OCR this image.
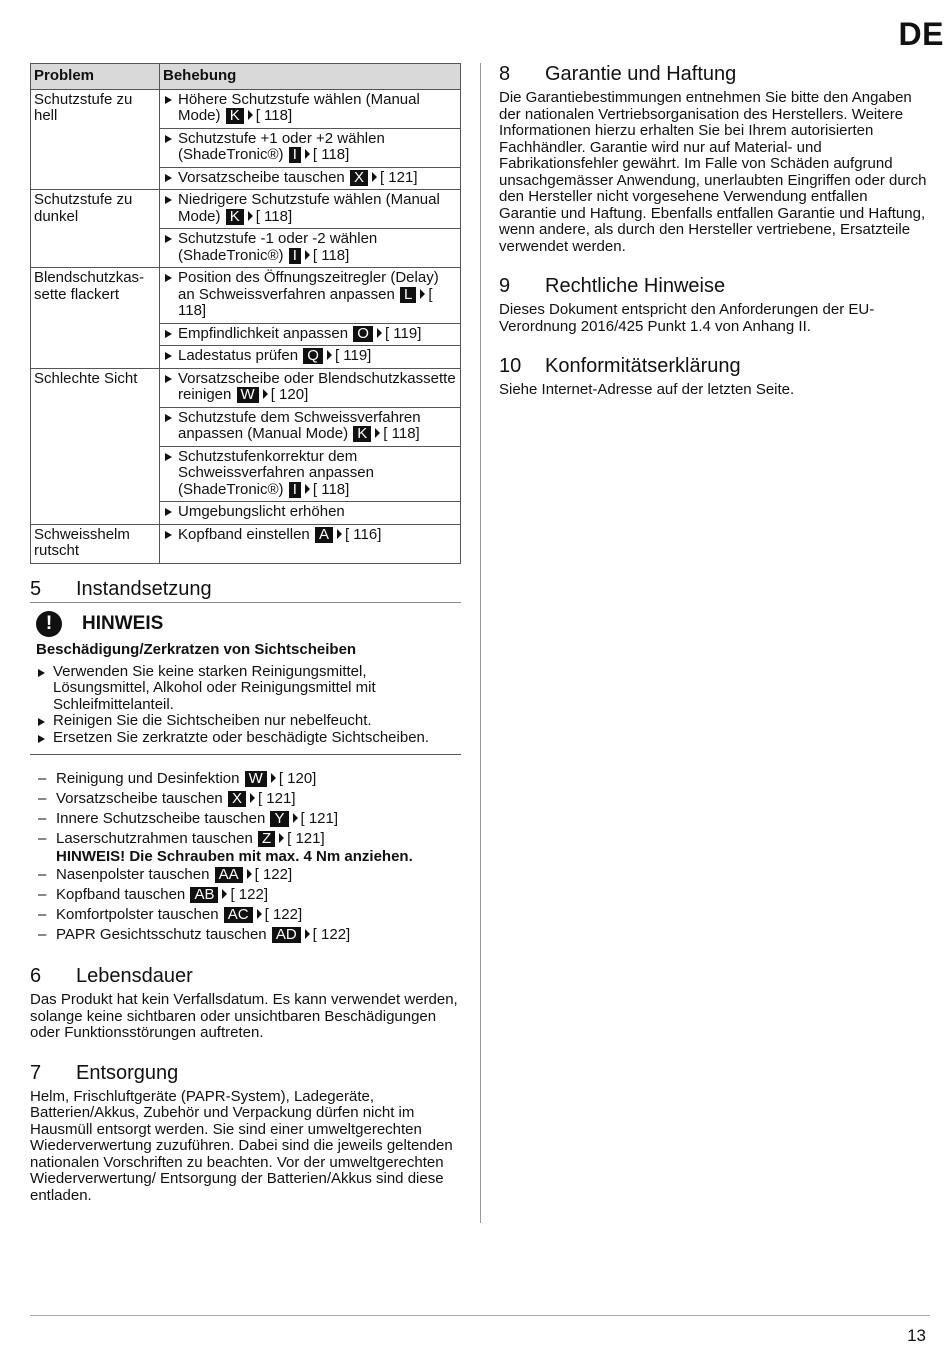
DE
Problem	Behebung
Schutzstufe zu hell	Höhere Schutzstufe wählen (Manual Mode) K [ 118]

Schutzstufe +1 oder +2 wählen (ShadeTronic®) I [ 118]

Vorsatzscheibe tauschen X [ 121]
Schutzstufe zu dunkel	Niedrigere Schutzstufe wählen (Manual Mode) K [ 118]

Schutzstufe -1 oder -2 wählen (ShadeTronic®) I [ 118]
Blendschutzkas-sette flackert	Position des Öffnungszeitregler (Delay) an Schweissverfahren anpassen L [ 118]

Empfindlichkeit anpassen O [ 119]

Ladestatus prüfen Q [ 119]
Schlechte Sicht	Vorsatzscheibe oder Blendschutzkassette reinigen W [ 120]

Schutzstufe dem Schweissverfahren anpassen (Manual Mode) K [ 118]

Schutzstufenkorrektur dem Schweissverfahren anpassen (ShadeTronic®) I [ 118]

Umgebungslicht erhöhen
Schweisshelm rutscht	Kopfband einstellen A [ 116]
5	Instandsetzung
!	HINWEIS
Beschädigung/Zerkratzen von Sichtscheiben
Verwenden Sie keine starken Reinigungsmittel, Lösungsmittel, Alkohol oder Reinigungsmittel mit Schleifmittelanteil.
Reinigen Sie die Sichtscheiben nur nebelfeucht.
Ersetzen Sie zerkratzte oder beschädigte Sichtscheiben.
– Reinigung und Desinfektion W [ 120]
– Vorsatzscheibe tauschen X [ 121]
– Innere Schutzscheibe tauschen Y [ 121]
– Laserschutzrahmen tauschen Z [ 121]
HINWEIS! Die Schrauben mit max. 4 Nm anziehen.
– Nasenpolster tauschen AA [ 122]
– Kopfband tauschen AB [ 122]
– Komfortpolster tauschen AC [ 122]
– PAPR Gesichtsschutz tauschen AD [ 122]
6	Lebensdauer

Das Produkt hat kein Verfallsdatum. Es kann verwendet werden, solange keine sichtbaren oder unsichtbaren Beschädigungen oder Funktionsstörungen auftreten.

7	Entsorgung

Helm, Frischluftgeräte (PAPR-System), Ladegeräte, Batterien/Akkus, Zubehör und Verpackung dürfen nicht im Hausmüll entsorgt werden. Sie sind einer umweltgerechten Wiederverwertung zuzuführen. Dabei sind die jeweils geltenden nationalen Vorschriften zu beachten. Vor der umweltgerechten Wiederverwertung/ Entsorgung der Batterien/Akkus sind diese entladen.

8	Garantie und Haftung

Die Garantiebestimmungen entnehmen Sie bitte den Angaben der nationalen Vertriebsorganisation des Herstellers. Weitere Informationen hierzu erhalten Sie bei Ihrem autorisierten Fachhändler. Garantie wird nur auf Material- und Fabrikationsfehler gewährt. Im Falle von Schäden aufgrund unsachgemässer Anwendung, unerlaubten Eingriffen oder durch den Hersteller nicht vorgesehene Verwendung entfallen Garantie und Haftung. Ebenfalls entfallen Garantie und Haftung, wenn andere, als durch den Hersteller vertriebene, Ersatzteile verwendet werden.

9	Rechtliche Hinweise

Dieses Dokument entspricht den Anforderungen der EU-Verordnung 2016/425 Punkt 1.4 von Anhang II.

10	Konformitätserklärung

Siehe Internet-Adresse auf der letzten Seite.

13
